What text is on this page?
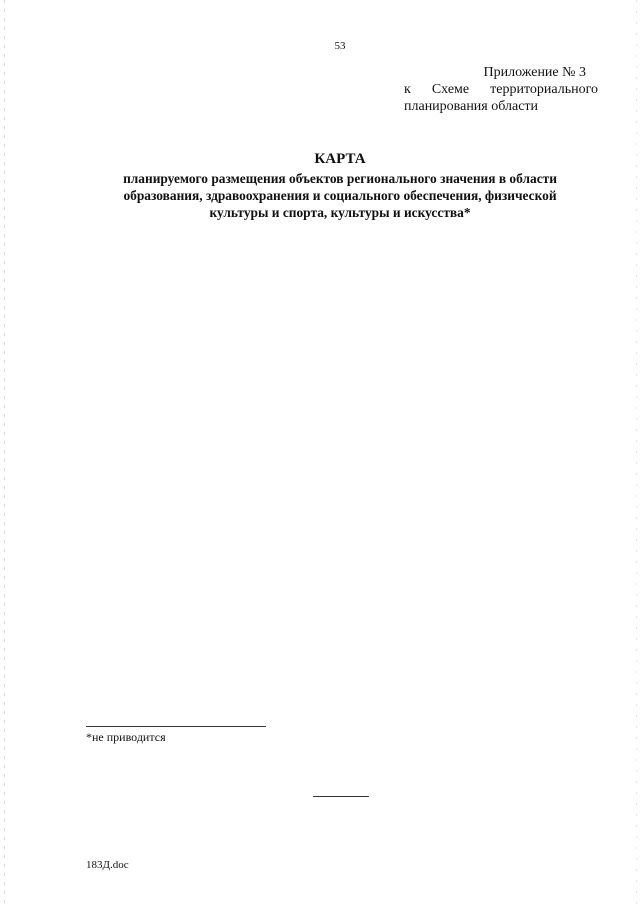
53
Приложение № 3
к Схеме территориального
планирования области
КАРТА
планируемого размещения объектов регионального значения в области
образования, здравоохранения и социального обеспечения, физической
культуры и спорта, культуры и искусства*
*не приводится
183Д.doc
